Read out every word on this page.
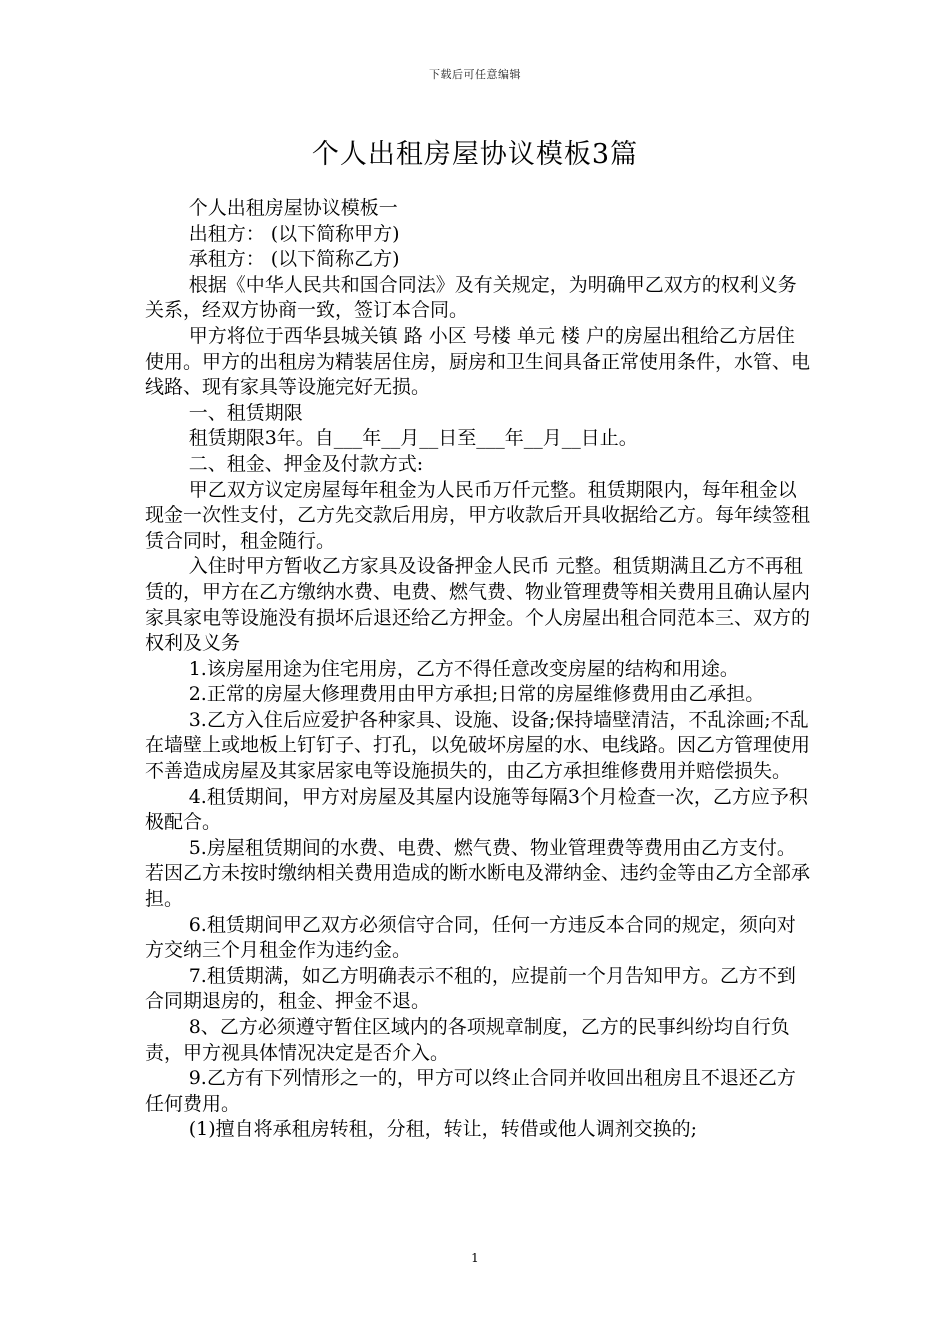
下载后可任意编辑
个人出租房屋协议模板3篇

个人出租房屋协议模板一

出租方： (以下简称甲方)

承租方： (以下简称乙方)

根据《中华人民共和国合同法》及有关规定，为明确甲乙双方的权利义务关系，经双方协商一致，签订本合同。

甲方将位于西华县城关镇 路 小区 号楼 单元 楼 户的房屋出租给乙方居住使用。甲方的出租房为精装居住房，厨房和卫生间具备正常使用条件，水管、电线路、现有家具等设施完好无损。

一、租赁期限

租赁期限3年。自___年__月__日至___年__月__日止。

二、租金、押金及付款方式:

甲乙双方议定房屋每年租金为人民币万仟元整。租赁期限内，每年租金以现金一次性支付，乙方先交款后用房，甲方收款后开具收据给乙方。每年续签租赁合同时，租金随行。

入住时甲方暂收乙方家具及设备押金人民币 元整。租赁期满且乙方不再租赁的，甲方在乙方缴纳水费、电费、燃气费、物业管理费等相关费用且确认屋内家具家电等设施没有损坏后退还给乙方押金。个人房屋出租合同范本三、双方的权利及义务

1.该房屋用途为住宅用房，乙方不得任意改变房屋的结构和用途。

2.正常的房屋大修理费用由甲方承担;日常的房屋维修费用由乙承担。

3.乙方入住后应爱护各种家具、设施、设备;保持墙壁清洁，不乱涂画;不乱在墙壁上或地板上钉钉子、打孔，以免破坏房屋的水、电线路。因乙方管理使用不善造成房屋及其家居家电等设施损失的，由乙方承担维修费用并赔偿损失。

4.租赁期间，甲方对房屋及其屋内设施等每隔3个月检查一次，乙方应予积极配合。

5.房屋租赁期间的水费、电费、燃气费、物业管理费等费用由乙方支付。若因乙方未按时缴纳相关费用造成的断水断电及滞纳金、违约金等由乙方全部承担。

6.租赁期间甲乙双方必须信守合同，任何一方违反本合同的规定，须向对方交纳三个月租金作为违约金。

7.租赁期满，如乙方明确表示不租的，应提前一个月告知甲方。乙方不到合同期退房的，租金、押金不退。

8、乙方必须遵守暂住区域内的各项规章制度，乙方的民事纠纷均自行负责，甲方视具体情况决定是否介入。

9.乙方有下列情形之一的，甲方可以终止合同并收回出租房且不退还乙方任何费用。

(1)擅自将承租房转租，分租，转让，转借或他人调剂交换的;

1
